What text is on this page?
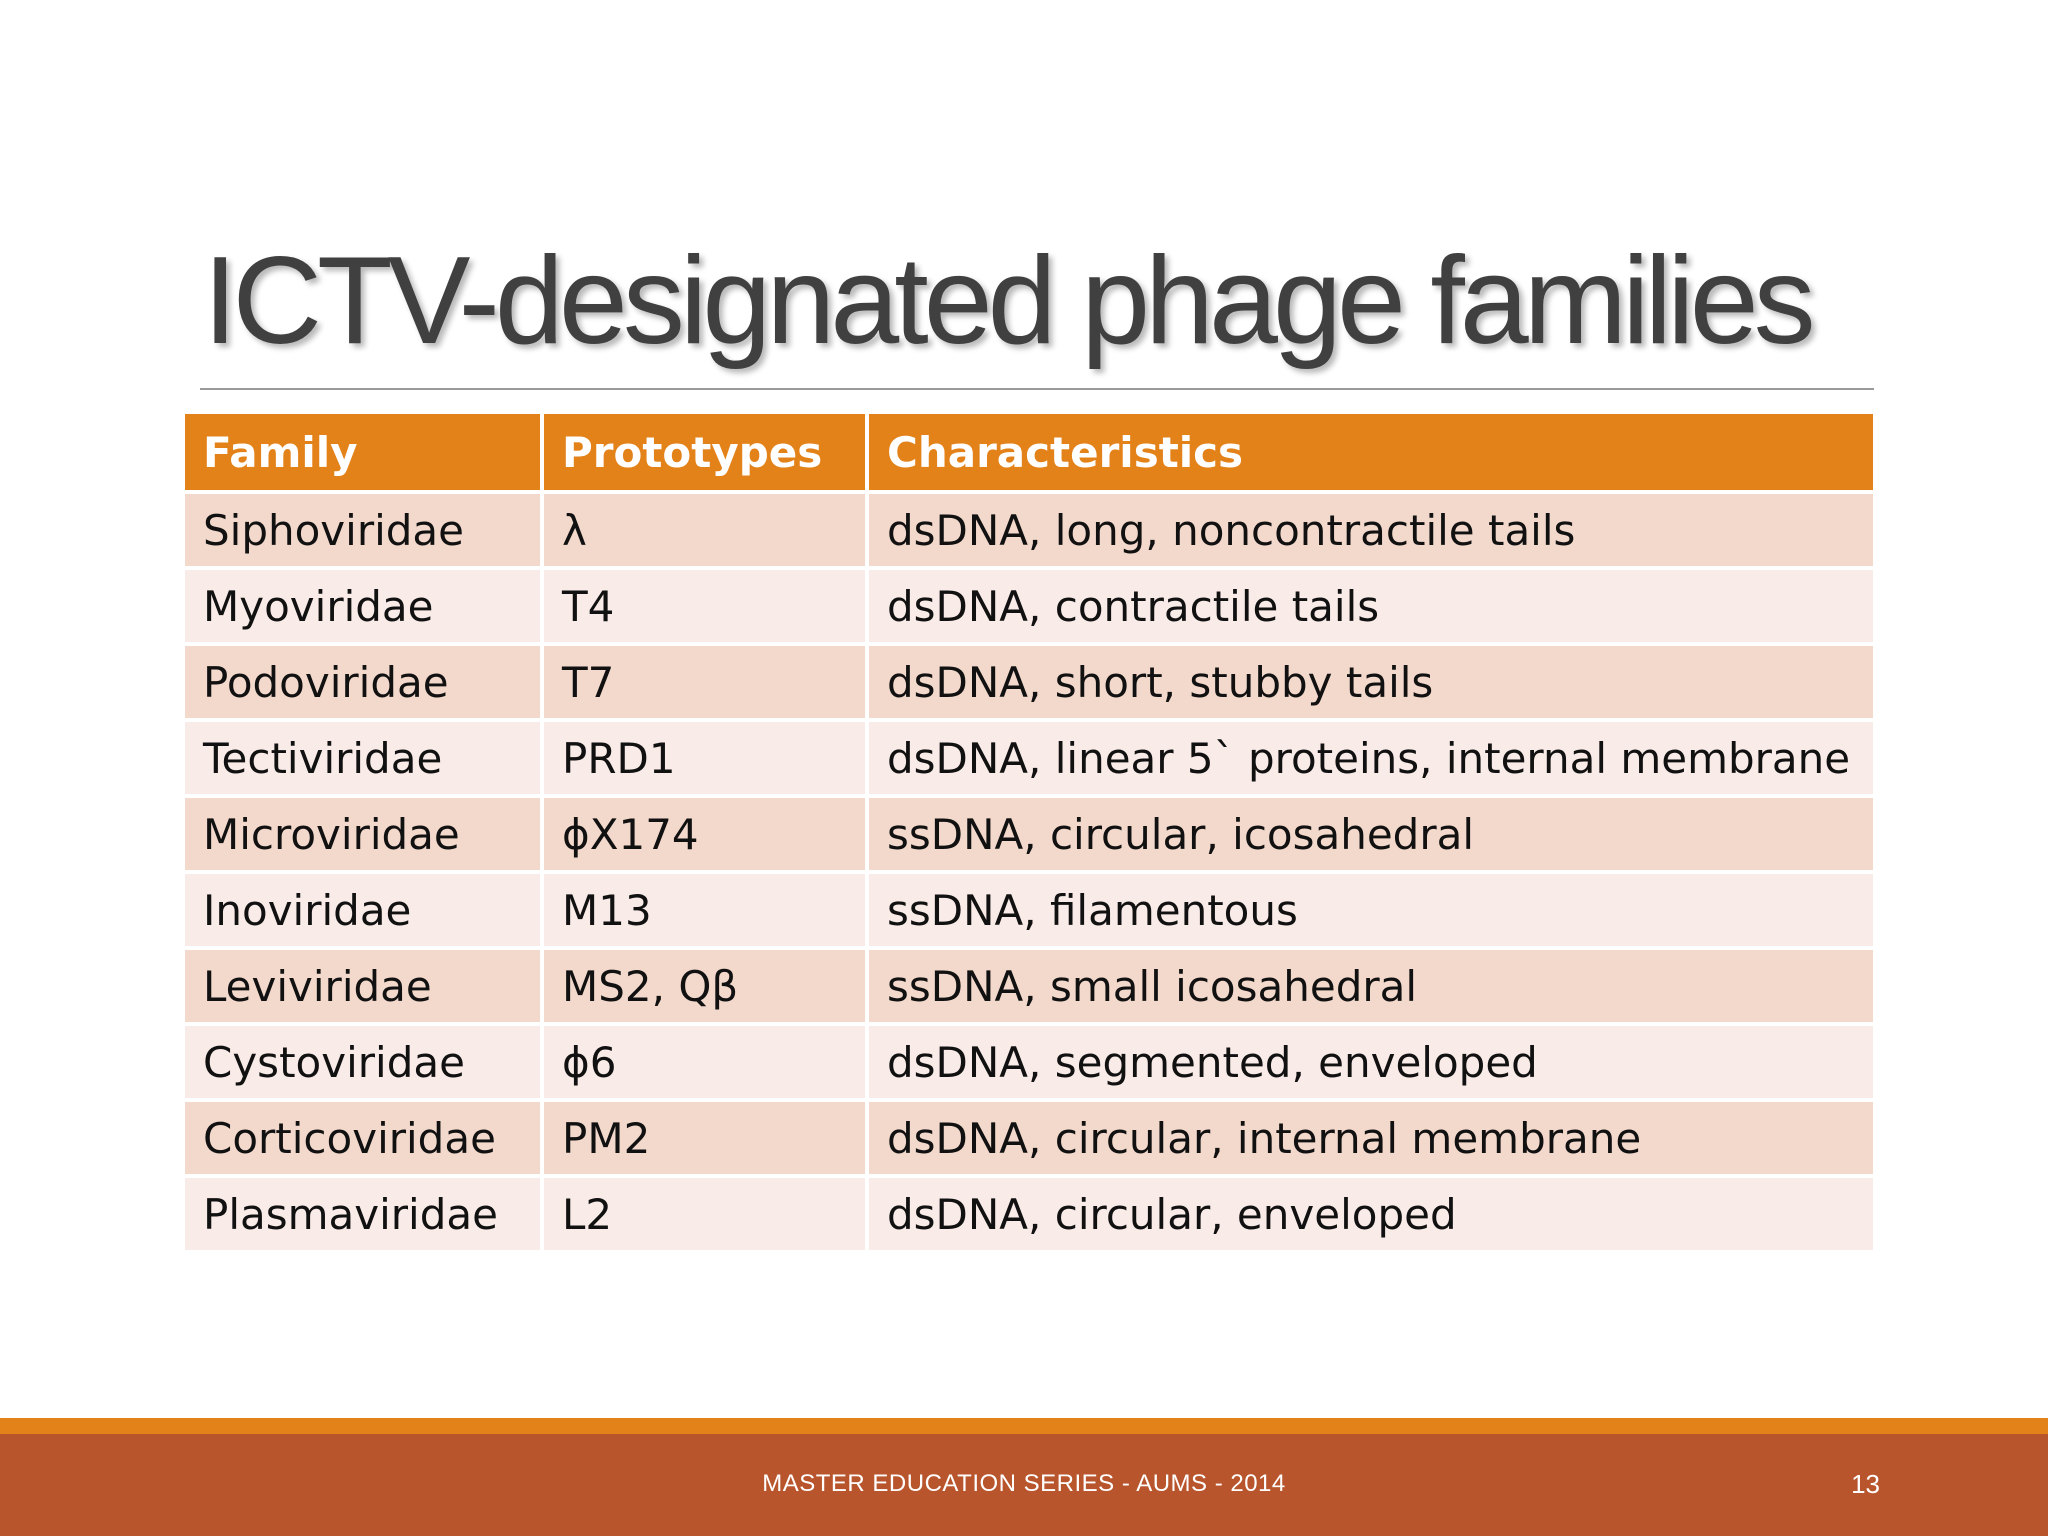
ICTV-designated phage families
Family	Prototypes	Characteristics
Siphoviridae	λ	dsDNA, long, noncontractile tails
Myoviridae	T4	dsDNA, contractile tails
Podoviridae	T7	dsDNA, short, stubby tails
Tectiviridae	PRD1	dsDNA, linear 5` proteins, internal membrane
Microviridae	ϕX174	ssDNA, circular, icosahedral
Inoviridae	M13	ssDNA, filamentous
Leviviridae	MS2, Qβ	ssDNA, small icosahedral
Cystoviridae	ϕ6	dsDNA, segmented, enveloped
Corticoviridae	PM2	dsDNA, circular, internal membrane
Plasmaviridae	L2	dsDNA, circular, enveloped
MASTER EDUCATION SERIES - AUMS - 2014	13
